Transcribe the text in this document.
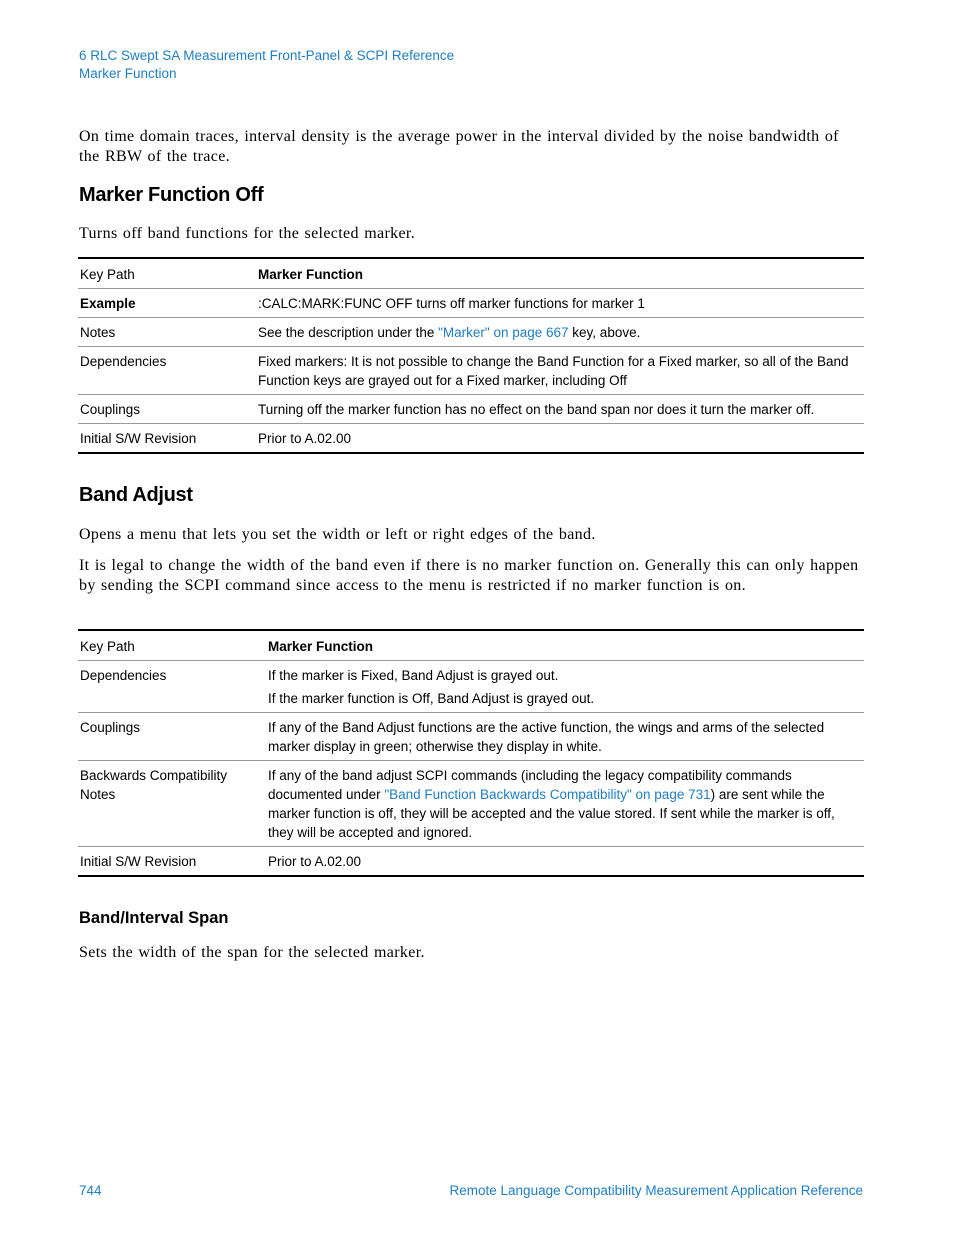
6 RLC Swept SA Measurement Front-Panel & SCPI Reference
Marker Function

On time domain traces, interval density is the average power in the interval divided by the noise bandwidth of the RBW of the trace.

Marker Function Off

Turns off band functions for the selected marker.

Key Path	Marker Function
Example	:CALC:MARK:FUNC OFF turns off marker functions for marker 1
Notes	See the description under the "Marker" on page 667 key, above.
Dependencies	Fixed markers: It is not possible to change the Band Function for a Fixed marker, so all of the Band Function keys are grayed out for a Fixed marker, including Off
Couplings	Turning off the marker function has no effect on the band span nor does it turn the marker off.
Initial S/W Revision	Prior to A.02.00
Band Adjust

Opens a menu that lets you set the width or left or right edges of the band.

It is legal to change the width of the band even if there is no marker function on. Generally this can only happen by sending the SCPI command since access to the menu is restricted if no marker function is on.

Key Path	Marker Function
Dependencies	If the marker is Fixed, Band Adjust is grayed out.
If the marker function is Off, Band Adjust is grayed out.

Couplings	If any of the Band Adjust functions are the active function, the wings and arms of the selected marker display in green; otherwise they display in white.
Backwards Compatibility Notes	If any of the band adjust SCPI commands (including the legacy compatibility commands documented under "Band Function Backwards Compatibility" on page 731) are sent while the marker function is off, they will be accepted and the value stored. If sent while the marker is off, they will be accepted and ignored.
Initial S/W Revision	Prior to A.02.00
Band/Interval Span

Sets the width of the span for the selected marker.

744	Remote Language Compatibility Measurement Application Reference
